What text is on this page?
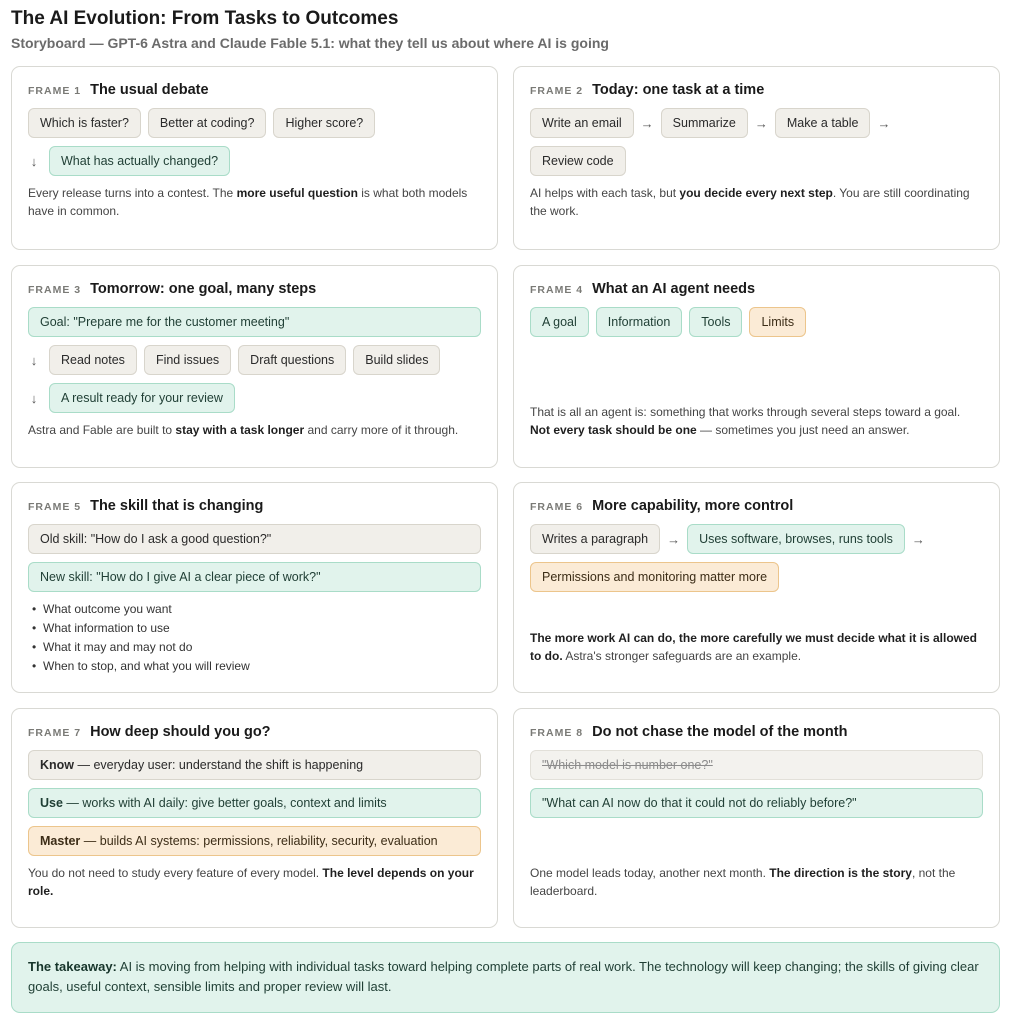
The AI Evolution: From Tasks to Outcomes
Storyboard — GPT-6 Astra and Claude Fable 5.1: what they tell us about where AI is going
FRAME 1 The usual debate
Which is faster?	Better at coding?	Higher score?
↓	What has actually changed?

Every release turns into a contest. The more useful question is what both models have in common.

FRAME 2 Today: one task at a time
Write an email	→	Summarize	→	Make a table	→
Review code

AI helps with each task, but you decide every next step. You are still coordinating the work.

FRAME 3 Tomorrow: one goal, many steps
Goal: "Prepare me for the customer meeting"
↓	Read notes	Find issues	Draft questions	Build slides
↓	A result ready for your review

Astra and Fable are built to stay with a task longer and carry more of it through.

FRAME 4 What an AI agent needs
A goal	Information	Tools	Limits

That is all an agent is: something that works through several steps toward a goal. Not every task should be one — sometimes you just need an answer.

FRAME 5 The skill that is changing
Old skill: "How do I ask a good question?"
New skill: "How do I give AI a clear piece of work?"
• What outcome you want
• What information to use
• What it may and may not do
• When to stop, and what you will review
FRAME 6 More capability, more control
Writes a paragraph	→	Uses software, browses, runs tools	→
Permissions and monitoring matter more

The more work AI can do, the more carefully we must decide what it is allowed to do. Astra's stronger safeguards are an example.

FRAME 7 How deep should you go?
Know — everyday user: understand the shift is happening
Use — works with AI daily: give better goals, context and limits
Master — builds AI systems: permissions, reliability, security, evaluation

You do not need to study every feature of every model. The level depends on your role.

FRAME 8 Do not chase the model of the month
"Which model is number one?"
"What can AI now do that it could not do reliably before?"

One model leads today, another next month. The direction is the story, not the leaderboard.

The takeaway: AI is moving from helping with individual tasks toward helping complete parts of real work. The technology will keep changing; the skills of giving clear goals, useful context, sensible limits and proper review will last.
